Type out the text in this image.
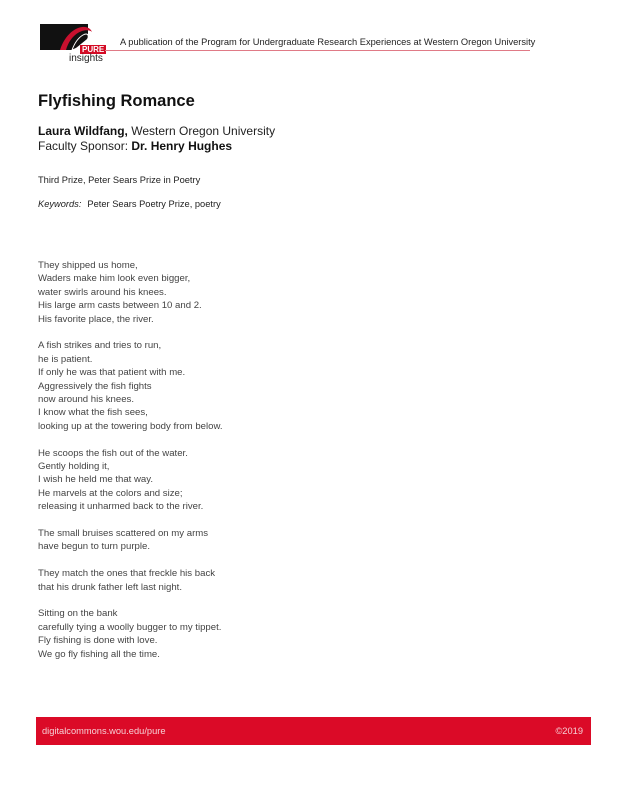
PURE
insights
A publication of the Program for Undergraduate Research Experiences at Western Oregon University
Flyfishing Romance
Laura Wildfang, Western Oregon University
Faculty Sponsor: Dr. Henry Hughes
Third Prize, Peter Sears Prize in Poetry
Keywords: Peter Sears Poetry Prize, poetry
They shipped us home,
Waders make him look even bigger,
water swirls around his knees.
His large arm casts between 10 and 2.
His favorite place, the river.
A fish strikes and tries to run,
he is patient.
If only he was that patient with me.
Aggressively the fish fights
now around his knees.
I know what the fish sees,
looking up at the towering body from below.
He scoops the fish out of the water.
Gently holding it,
I wish he held me that way.
He marvels at the colors and size;
releasing it unharmed back to the river.
The small bruises scattered on my arms
have begun to turn purple.
They match the ones that freckle his back
that his drunk father left last night.
Sitting on the bank
carefully tying a woolly bugger to my tippet.
Fly fishing is done with love.
We go fly fishing all the time.
digitalcommons.wou.edu/pure	©2019
